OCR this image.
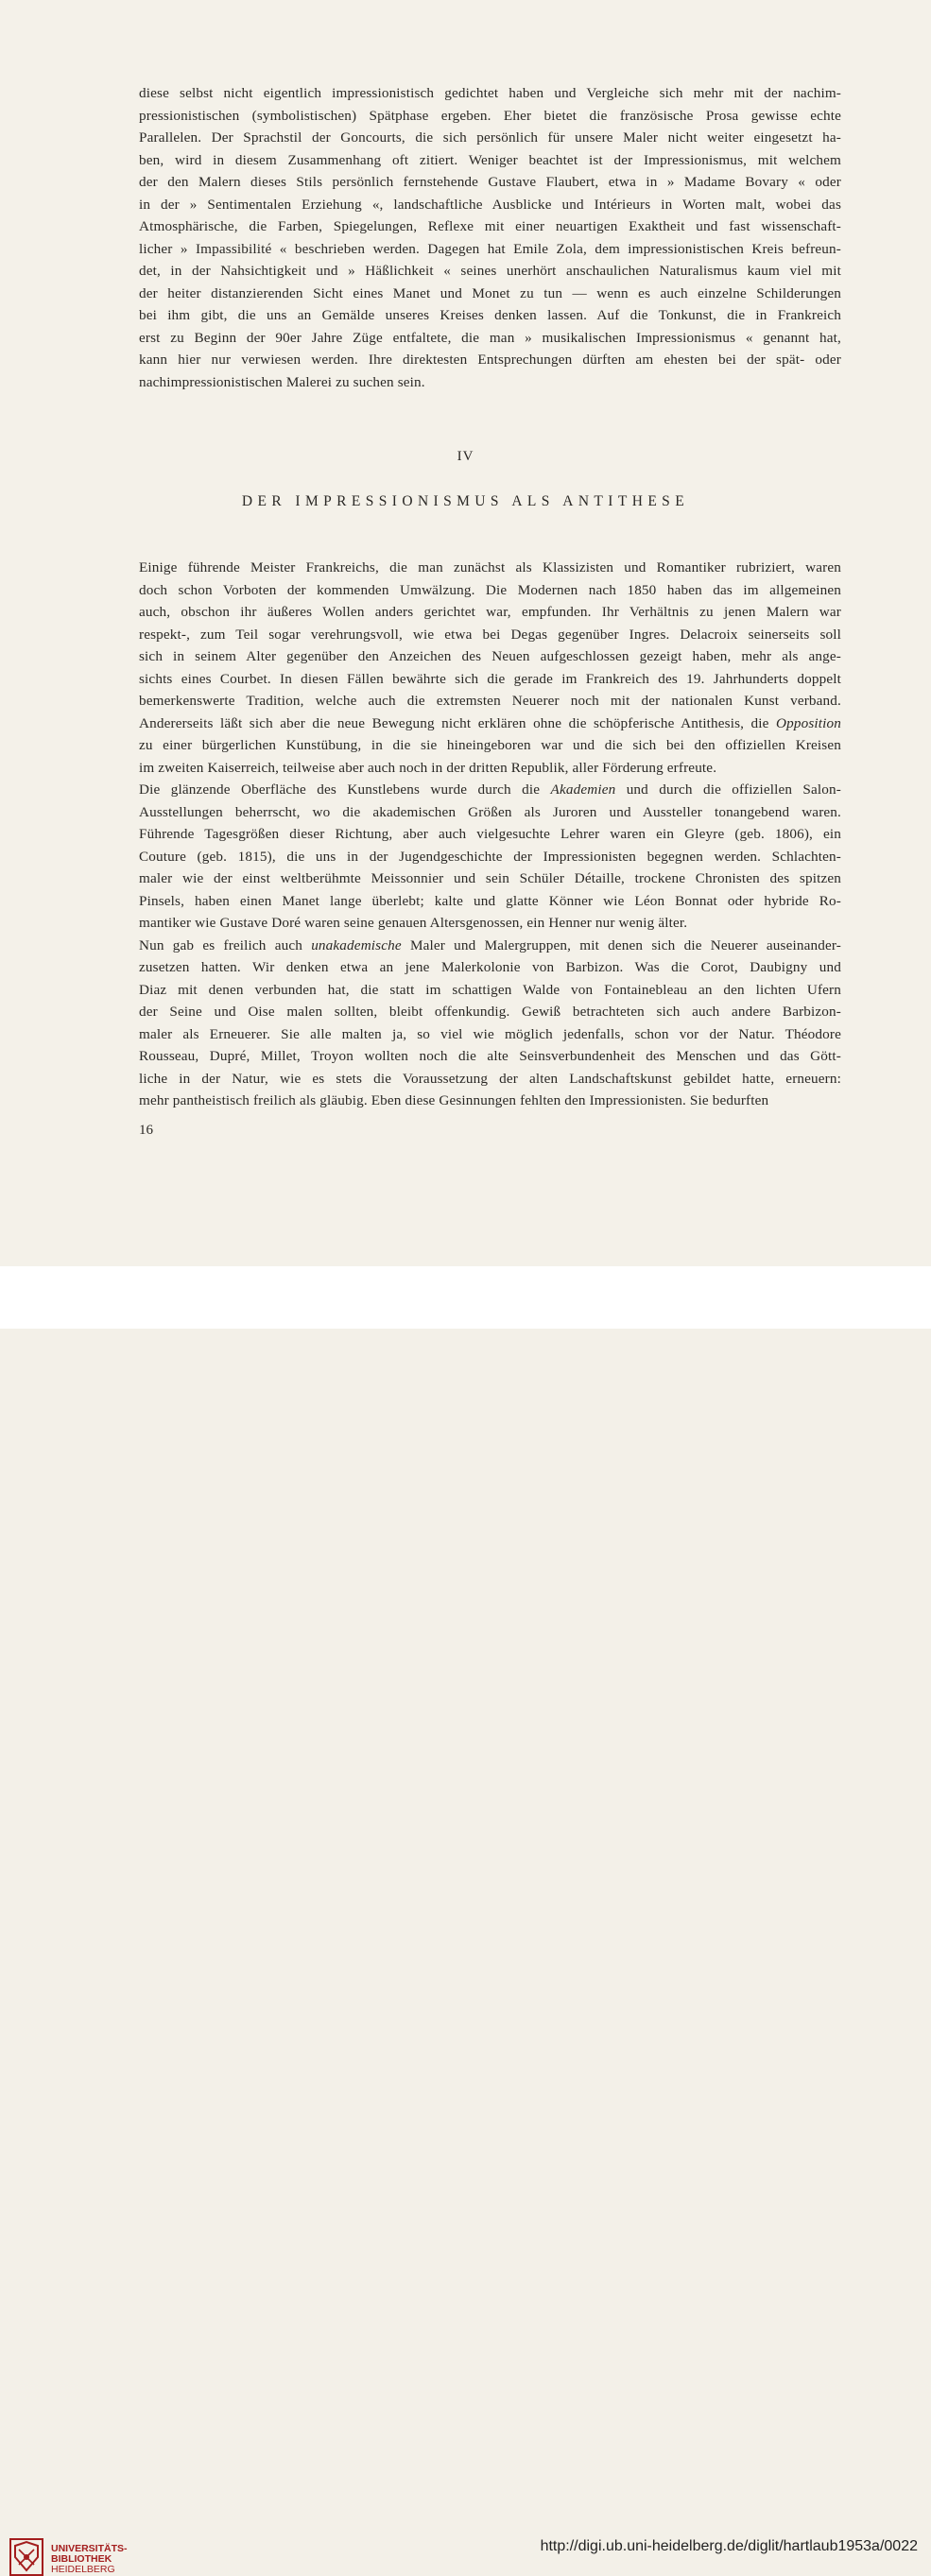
diese selbst nicht eigentlich impressionistisch gedichtet haben und Vergleiche sich mehr mit der nachim-
pressionistischen (symbolistischen) Spätphase ergeben. Eher bietet die französische Prosa gewisse echte
Parallelen. Der Sprachstil der Goncourts, die sich persönlich für unsere Maler nicht weiter eingesetzt ha-
ben, wird in diesem Zusammenhang oft zitiert. Weniger beachtet ist der Impressionismus, mit welchem
der den Malern dieses Stils persönlich fernstehende Gustave Flaubert, etwa in » Madame Bovary « oder
in der » Sentimentalen Erziehung «, landschaftliche Ausblicke und Intérieurs in Worten malt, wobei das
Atmosphärische, die Farben, Spiegelungen, Reflexe mit einer neuartigen Exaktheit und fast wissenschaft-
licher » Impassibilité « beschrieben werden. Dagegen hat Emile Zola, dem impressionistischen Kreis befreun-
det, in der Nahsichtigkeit und » Häßlichkeit « seines unerhört anschaulichen Naturalismus kaum viel mit
der heiter distanzierenden Sicht eines Manet und Monet zu tun — wenn es auch einzelne Schilderungen
bei ihm gibt, die uns an Gemälde unseres Kreises denken lassen. Auf die Tonkunst, die in Frankreich
erst zu Beginn der 90er Jahre Züge entfaltete, die man » musikalischen Impressionismus « genannt hat,
kann hier nur verwiesen werden. Ihre direktesten Entsprechungen dürften am ehesten bei der spät- oder
nachimpressionistischen Malerei zu suchen sein.
IV
DER IMPRESSIONISMUS ALS ANTITHESE
Einige führende Meister Frankreichs, die man zunächst als Klassizisten und Romantiker rubriziert, waren
doch schon Vorboten der kommenden Umwälzung. Die Modernen nach 1850 haben das im allgemeinen
auch, obschon ihr äußeres Wollen anders gerichtet war, empfunden. Ihr Verhältnis zu jenen Malern war
respekt-, zum Teil sogar verehrungsvoll, wie etwa bei Degas gegenüber Ingres. Delacroix seinerseits soll
sich in seinem Alter gegenüber den Anzeichen des Neuen aufgeschlossen gezeigt haben, mehr als ange-
sichts eines Courbet. In diesen Fällen bewährte sich die gerade im Frankreich des 19. Jahrhunderts doppelt
bemerkenswerte Tradition, welche auch die extremsten Neuerer noch mit der nationalen Kunst verband.
Andererseits läßt sich aber die neue Bewegung nicht erklären ohne die schöpferische Antithesis, die Opposition
zu einer bürgerlichen Kunstübung, in die sie hineingeboren war und die sich bei den offiziellen Kreisen
im zweiten Kaiserreich, teilweise aber auch noch in der dritten Republik, aller Förderung erfreute.
Die glänzende Oberfläche des Kunstlebens wurde durch die Akademien und durch die offiziellen Salon-
Ausstellungen beherrscht, wo die akademischen Größen als Juroren und Aussteller tonangebend waren.
Führende Tagesgrößen dieser Richtung, aber auch vielgesuchte Lehrer waren ein Gleyre (geb. 1806), ein
Couture (geb. 1815), die uns in der Jugendgeschichte der Impressionisten begegnen werden. Schlachten-
maler wie der einst weltberühmte Meissonnier und sein Schüler Détaille, trockene Chronisten des spitzen
Pinsels, haben einen Manet lange überlebt; kalte und glatte Könner wie Léon Bonnat oder hybride Ro-
mantiker wie Gustave Doré waren seine genauen Altersgenossen, ein Henner nur wenig älter.
Nun gab es freilich auch unakademische Maler und Malergruppen, mit denen sich die Neuerer auseinander-
zusetzen hatten. Wir denken etwa an jene Malerkolonie von Barbizon. Was die Corot, Daubigny und
Diaz mit denen verbunden hat, die statt im schattigen Walde von Fontainebleau an den lichten Ufern
der Seine und Oise malen sollten, bleibt offenkundig. Gewiß betrachteten sich auch andere Barbizon-
maler als Erneuerer. Sie alle malten ja, so viel wie möglich jedenfalls, schon vor der Natur. Théodore
Rousseau, Dupré, Millet, Troyon wollten noch die alte Seinsverbundenheit des Menschen und das Gött-
liche in der Natur, wie es stets die Voraussetzung der alten Landschaftskunst gebildet hatte, erneuern:
mehr pantheistisch freilich als gläubig. Eben diese Gesinnungen fehlten den Impressionisten. Sie bedurften
16
UNIVERSITÄTS-
BIBLIOTHEK
HEIDELBERG
http://digi.ub.uni-heidelberg.de/diglit/hartlaub1953a/0022
